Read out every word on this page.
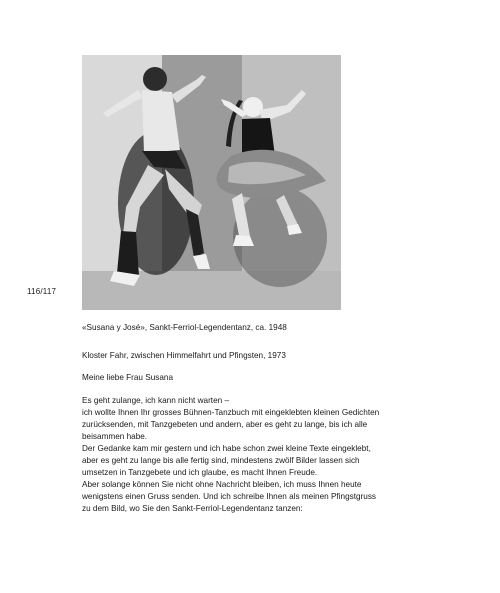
116/117
«Susana y José», Sankt-Ferriol-Legendentanz, ca. 1948

Kloster Fahr, zwischen Himmelfahrt und Pfingsten, 1973

Meine liebe Frau Susana

Es geht zulange, ich kann nicht warten –

ich wollte Ihnen Ihr grosses Bühnen-Tanzbuch mit eingeklebten kleinen Gedichten

zurücksenden, mit Tanzgebeten und andern, aber es geht zu lange, bis ich alle

beisammen habe.

Der Gedanke kam mir gestern und ich habe schon zwei kleine Texte eingeklebt,

aber es geht zu lange bis alle fertig sind, mindestens zwölf Bilder lassen sich

umsetzen in Tanzgebete und ich glaube, es macht Ihnen Freude.

Aber solange können Sie nicht ohne Nachricht bleiben, ich muss Ihnen heute

wenigstens einen Gruss senden. Und ich schreibe Ihnen als meinen Pfingstgruss

zu dem Bild, wo Sie den Sankt-Ferriol-Legendentanz tanzen:
